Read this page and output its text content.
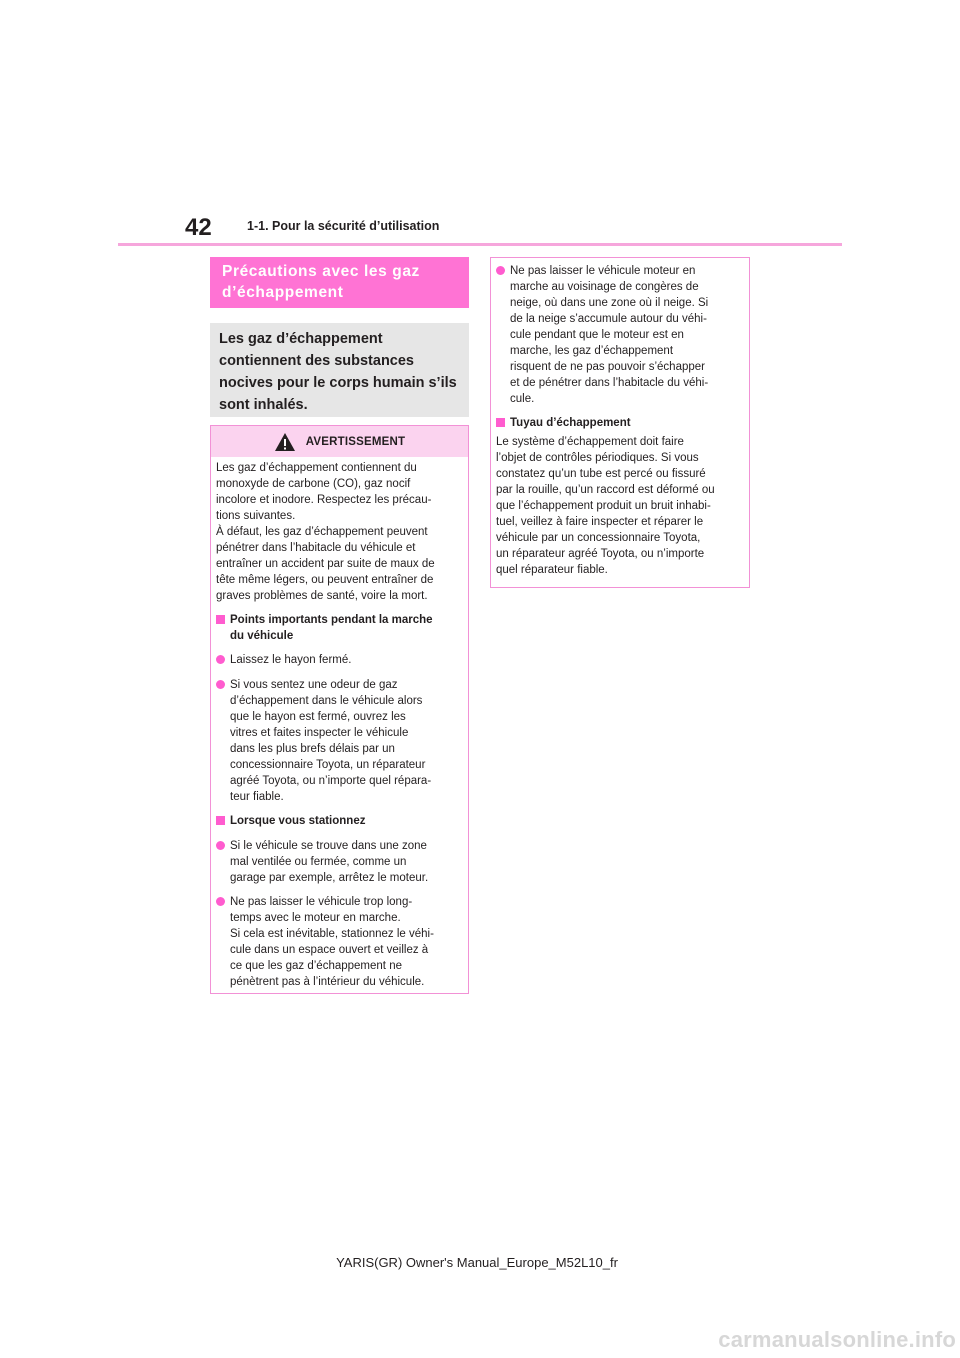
42	1-1. Pour la sécurité d’utilisation
Précautions avec les gaz
d’échappement
Les gaz d’échappement
contiennent des substances
nocives pour le corps humain s’ils
sont inhalés.
AVERTISSEMENT

Les gaz d’échappement contiennent du
monoxyde de carbone (CO), gaz nocif
incolore et inodore. Respectez les précau-
tions suivantes.
À défaut, les gaz d’échappement peuvent
pénétrer dans l’habitacle du véhicule et
entraîner un accident par suite de maux de
tête même légers, ou peuvent entraîner de
graves problèmes de santé, voire la mort.

Points importants pendant la marche
du véhicule
Laissez le hayon fermé.
Si vous sentez une odeur de gaz
d’échappement dans le véhicule alors
que le hayon est fermé, ouvrez les
vitres et faites inspecter le véhicule
dans les plus brefs délais par un
concessionnaire Toyota, un réparateur
agréé Toyota, ou n’importe quel répara-
teur fiable.
Lorsque vous stationnez
Si le véhicule se trouve dans une zone
mal ventilée ou fermée, comme un
garage par exemple, arrêtez le moteur.
Ne pas laisser le véhicule trop long-
temps avec le moteur en marche.
Si cela est inévitable, stationnez le véhi-
cule dans un espace ouvert et veillez à
ce que les gaz d’échappement ne
pénètrent pas à l’intérieur du véhicule.
Ne pas laisser le véhicule moteur en
marche au voisinage de congères de
neige, où dans une zone où il neige. Si
de la neige s’accumule autour du véhi-
cule pendant que le moteur est en
marche, les gaz d’échappement
risquent de ne pas pouvoir s’échapper
et de pénétrer dans l’habitacle du véhi-
cule.
Tuyau d’échappement
Le système d’échappement doit faire
l’objet de contrôles périodiques. Si vous
constatez qu’un tube est percé ou fissuré
par la rouille, qu’un raccord est déformé ou
que l’échappement produit un bruit inhabi-
tuel, veillez à faire inspecter et réparer le
véhicule par un concessionnaire Toyota,
un réparateur agréé Toyota, ou n’importe
quel réparateur fiable.
YARIS(GR) Owner's Manual_Europe_M52L10_fr
carmanualsonline.info
